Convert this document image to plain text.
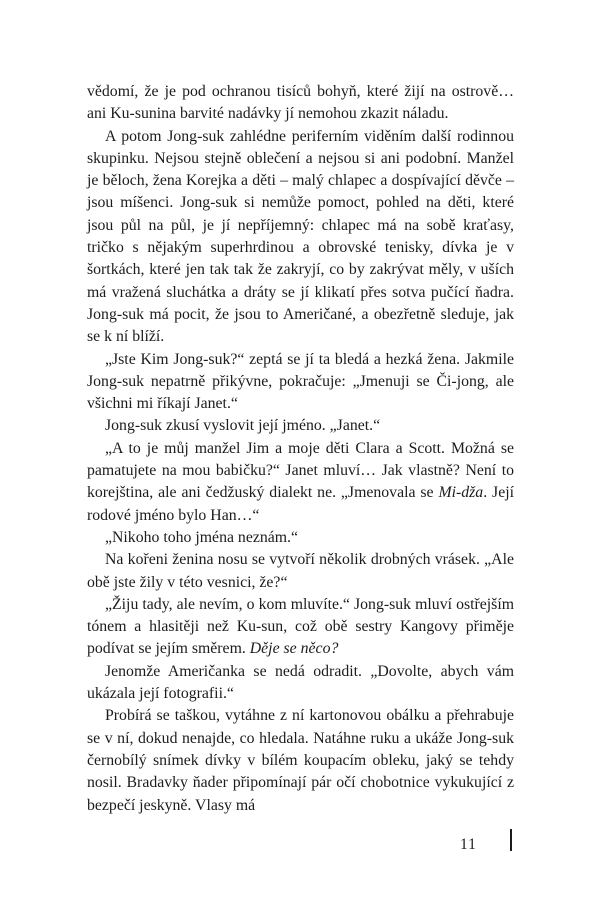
vědomí, že je pod ochranou tisíců bohyň, které žijí na ostrově… ani Ku-sunina barvité nadávky jí nemohou zkazit náladu.

A potom Jong-suk zahlédne periferním viděním další rodinnou skupinku. Nejsou stejně oblečení a nejsou si ani podobní. Manžel je běloch, žena Korejka a děti – malý chlapec a dospívající děvče – jsou míšenci. Jong-suk si nemůže pomoct, pohled na děti, které jsou půl na půl, je jí nepříjemný: chlapec má na sobě kraťasy, tričko s nějakým superhrdinou a obrovské tenisky, dívka je v šortkách, které jen tak tak že zakryjí, co by zakrývat měly, v uších má vražená sluchátka a dráty se jí klikatí přes sotva pučící ňadra. Jong-suk má pocit, že jsou to Američané, a obezřetně sleduje, jak se k ní blíží.

„Jste Kim Jong-suk?“ zeptá se jí ta bledá a hezká žena. Jakmile Jong-suk nepatrně přikývne, pokračuje: „Jmenuji se Či-jong, ale všichni mi říkají Janet.“

Jong-suk zkusí vyslovit její jméno. „Janet.“

„A to je můj manžel Jim a moje děti Clara a Scott. Možná se pamatujete na mou babičku?“ Janet mluví… Jak vlastně? Není to korejština, ale ani čedžuský dialekt ne. „Jmenovala se Mi-dža. Její rodové jméno bylo Han…“

„Nikoho toho jména neznám.“

Na kořeni ženina nosu se vytvoří několik drobných vrásek. „Ale obě jste žily v této vesnici, že?“

„Žiju tady, ale nevím, o kom mluvíte.“ Jong-suk mluví ostřejším tónem a hlasitěji než Ku-sun, což obě sestry Kangovy přiměje podívat se jejím směrem. Děje se něco?

Jenomže Američanka se nedá odradit. „Dovolte, abych vám ukázala její fotografii.“

Probírá se taškou, vytáhne z ní kartonovou obálku a přehrabuje se v ní, dokud nenajde, co hledala. Natáhne ruku a ukáže Jong-suk černobílý snímek dívky v bílém koupacím obleku, jaký se tehdy nosil. Bradavky ňader připomínají pár očí chobotnice vykukující z bezpečí jeskyně. Vlasy má

11
